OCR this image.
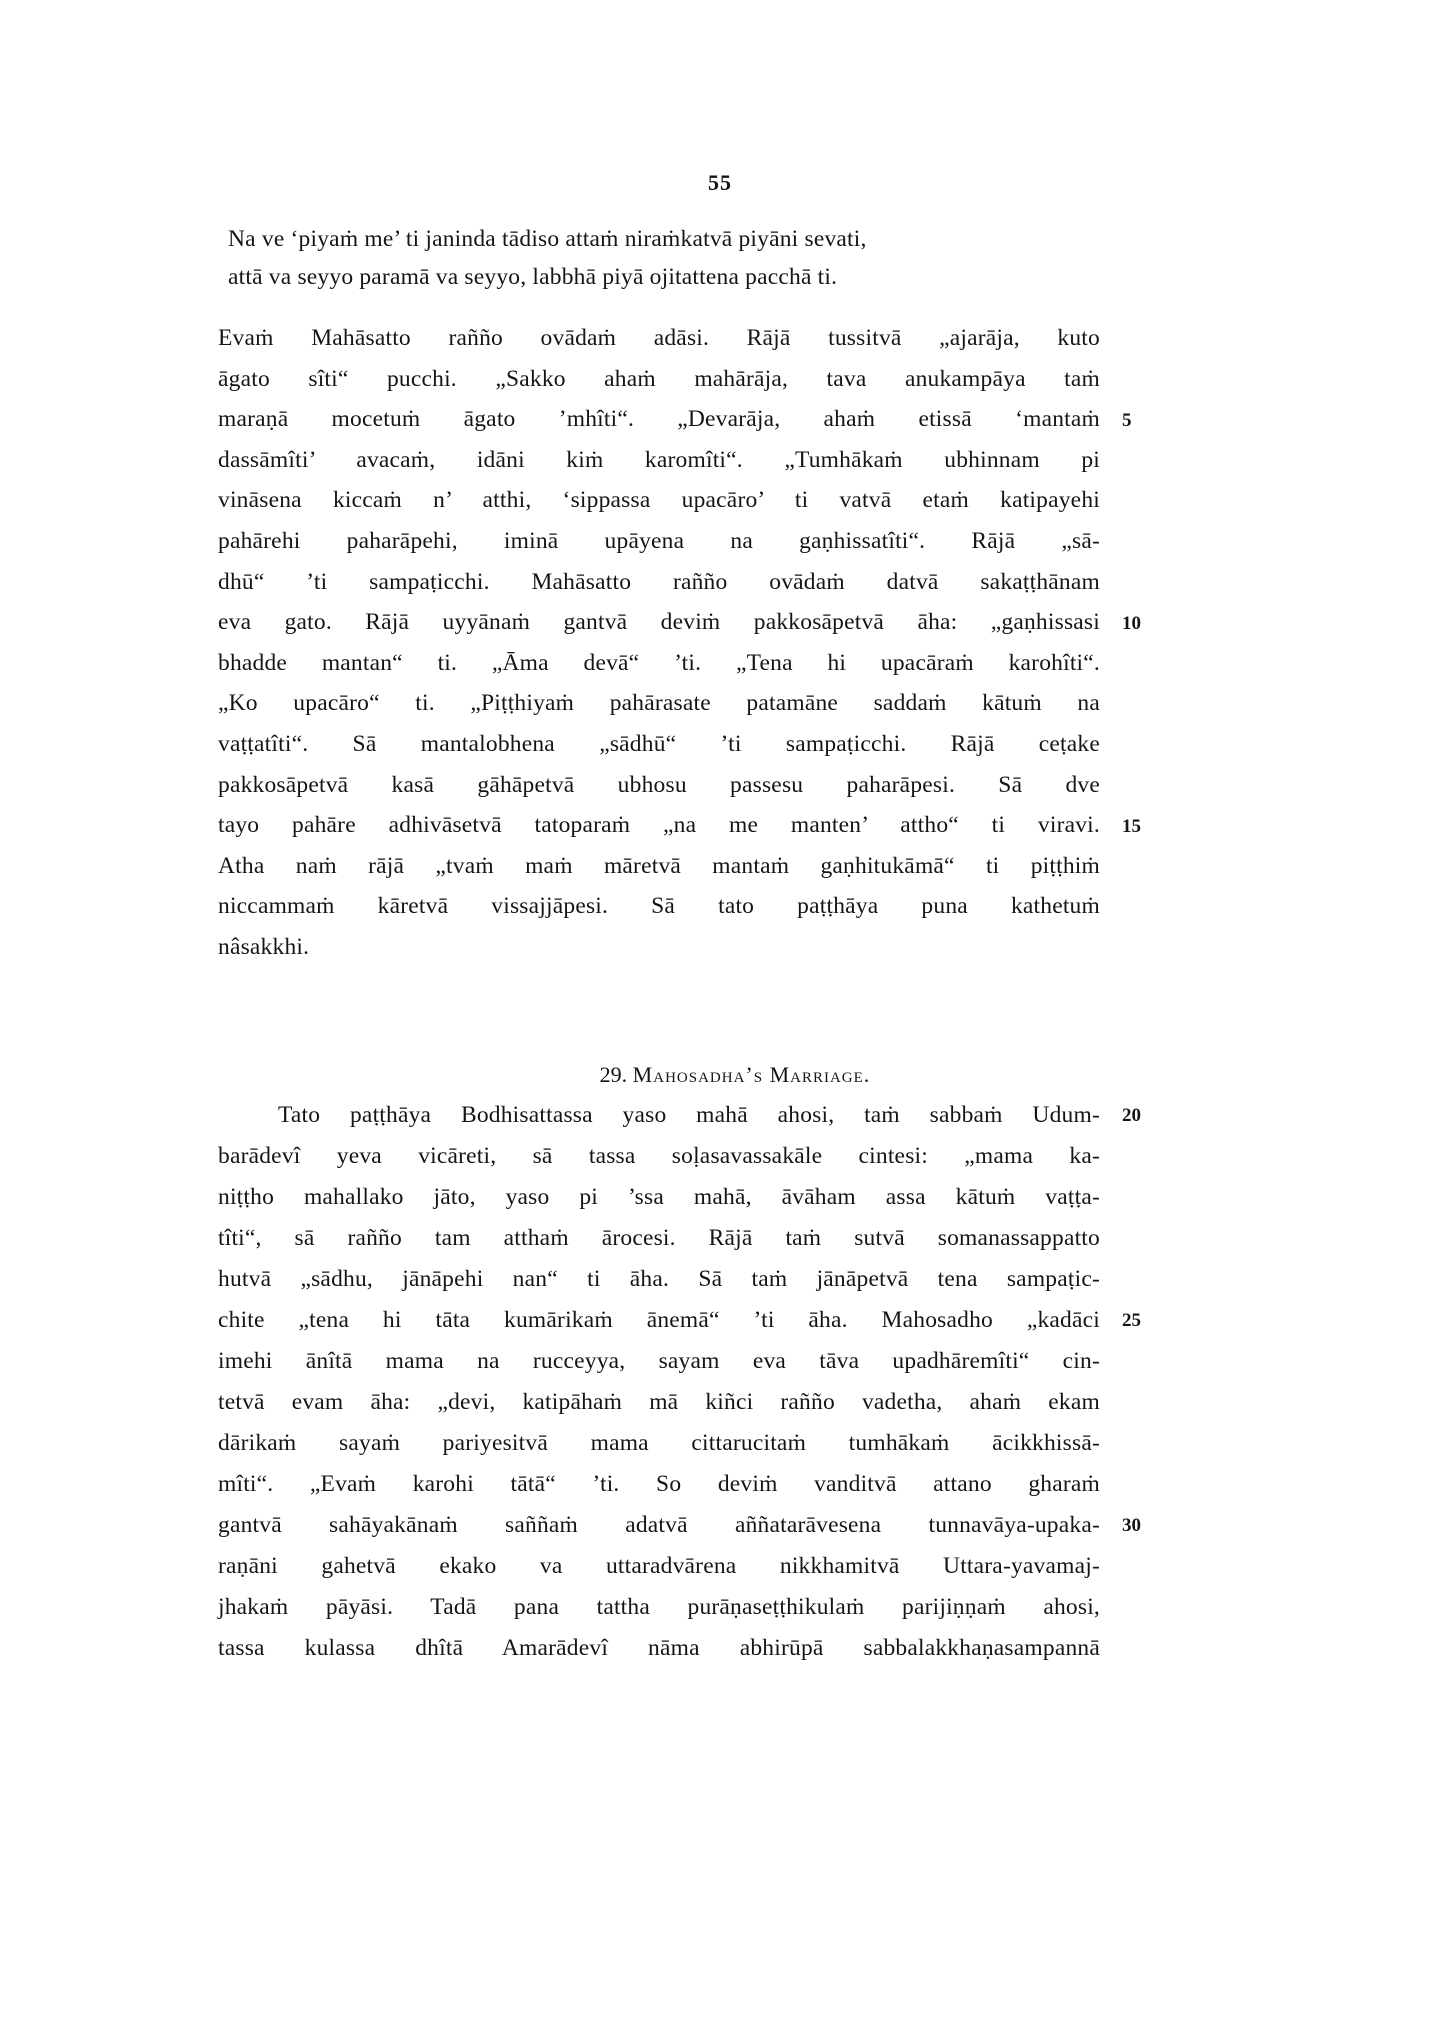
55
Na ve ‘piyaṁ me’ ti janinda tādiso attaṁ niraṁkatvā piyāni sevati,
attā va seyyo paramā va seyyo, labbhā piyā ojitattena pacchā ti.
Evaṁ Mahāsatto rañño ovādaṁ adāsi. Rājā tussitvā „ajarāja, kuto
āgato sîti“ pucchi. „Sakko ahaṁ mahārāja, tava anukampāya taṁ
maraṇā mocetuṁ āgato ’mhîti“. „Devarāja, ahaṁ etissā ‘mantaṁ
dassāmîti’ avacaṁ, idāni kiṁ karomîti“. „Tumhākaṁ ubhinnam pi
vināsena kiccaṁ n’ atthi, ‘sippassa upacāro’ ti vatvā etaṁ katipayehi
pahārehi paharāpehi, iminā upāyena na gaṇhissatîti“. Rājā „sā-
dhū“ ’ti sampaṭicchi. Mahāsatto rañño ovādaṁ datvā sakaṭṭhānam
eva gato. Rājā uyyānaṁ gantvā deviṁ pakkosāpetvā āha: „gaṇhissasi
bhadde mantan“ ti. „Āma devā“ ’ti. „Tena hi upacāraṁ karohîti“.
„Ko upacāro“ ti. „Piṭṭhiyaṁ pahārasate patamāne saddaṁ kātuṁ na
vaṭṭatîti“. Sā mantalobhena „sādhū“ ’ti sampaṭicchi. Rājā ceṭake
pakkosāpetvā kasā gāhāpetvā ubhosu passesu paharāpesi. Sā dve
tayo pahāre adhivāsetvā tatoparaṁ „na me manten’ attho“ ti viravi.
Atha naṁ rājā „tvaṁ maṁ māretvā mantaṁ gaṇhitukāmā“ ti piṭṭhiṁ
niccammaṁ kāretvā vissajjāpesi. Sā tato paṭṭhāya puna kathetuṁ
nâsakkhi.
5
10
15
29. Mahosadha’s Marriage.
Tato paṭṭhāya Bodhisattassa yaso mahā ahosi, taṁ sabbaṁ Udum-
barādevî yeva vicāreti, sā tassa soḷasavassakāle cintesi: „mama ka-
niṭṭho mahallako jāto, yaso pi ’ssa mahā, āvāham assa kātuṁ vaṭṭa-
tîti“, sā rañño tam atthaṁ ārocesi. Rājā taṁ sutvā somanassappatto
hutvā „sādhu, jānāpehi nan“ ti āha. Sā taṁ jānāpetvā tena sampaṭic-
chite „tena hi tāta kumārikaṁ ānemā“ ’ti āha. Mahosadho „kadāci
imehi ānîtā mama na rucceyya, sayam eva tāva upadhāremîti“ cin-
tetvā evam āha: „devi, katipāhaṁ mā kiñci rañño vadetha, ahaṁ ekam
dārikaṁ sayaṁ pariyesitvā mama cittarucitaṁ tumhākaṁ ācikkhissā-
mîti“. „Evaṁ karohi tātā“ ’ti. So deviṁ vanditvā attano gharaṁ
gantvā sahāyakānaṁ saññaṁ adatvā aññatarāvesena tunnavāya-upaka-
raṇāni gahetvā ekako va uttaradvārena nikkhamitvā Uttara-yavamaj-
jhakaṁ pāyāsi. Tadā pana tattha purāṇaseṭṭhikulaṁ parijiṇṇaṁ ahosi,
tassa kulassa dhîtā Amarādevî nāma abhirūpā sabbalakkhaṇasampannā
20
25
30
